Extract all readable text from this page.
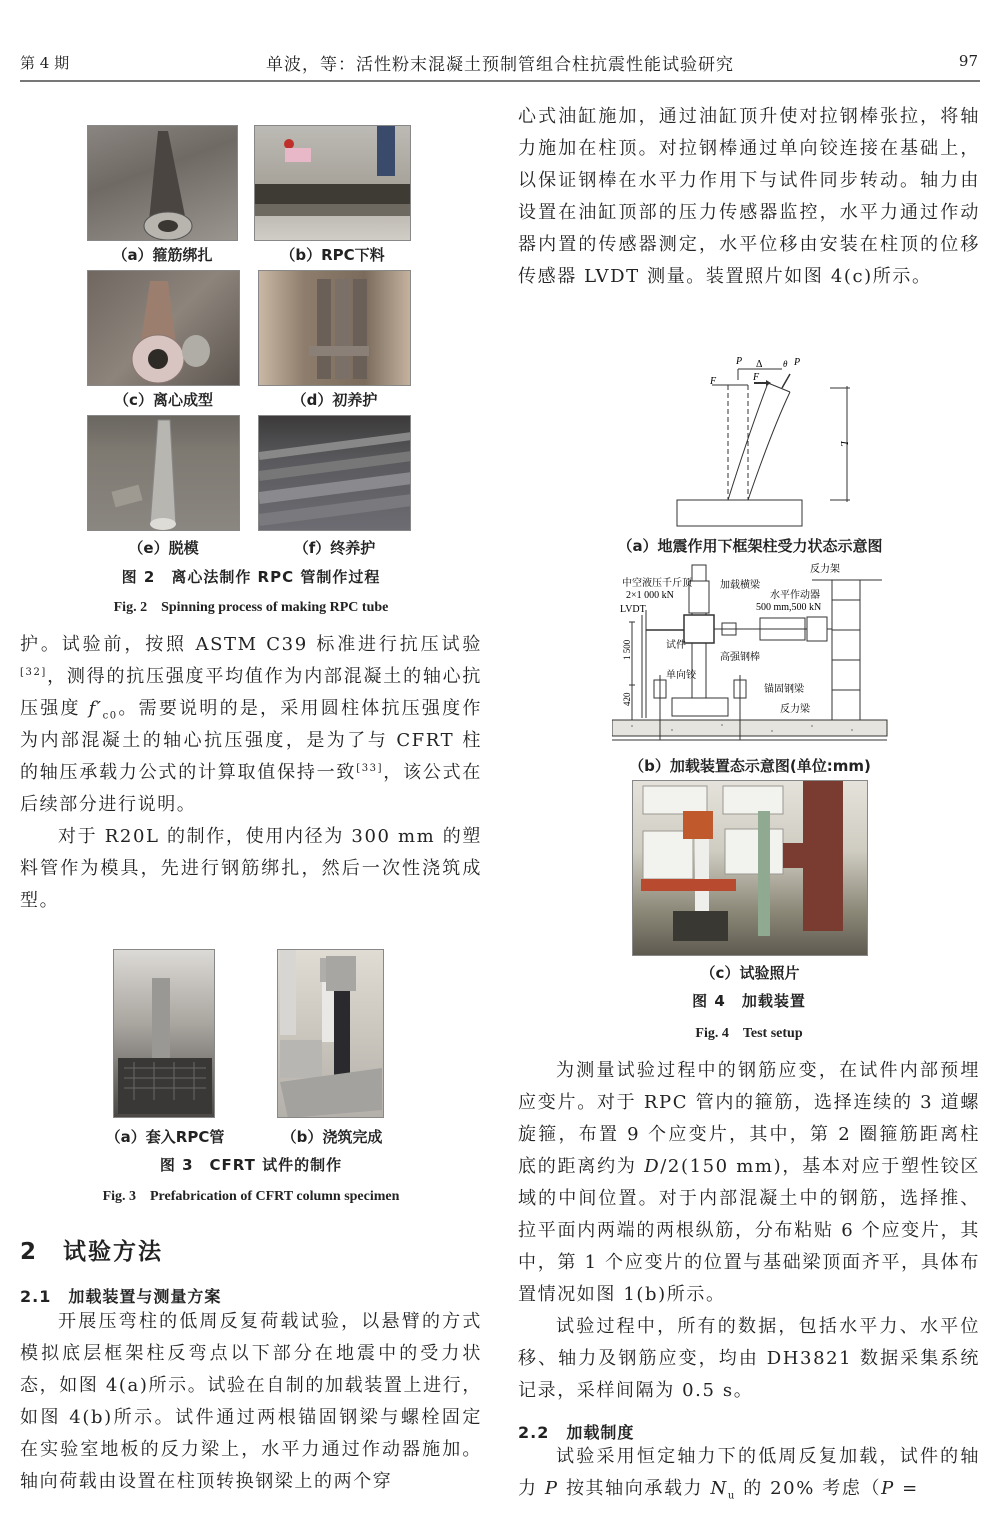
第 4 期	单波，等：活性粉末混凝土预制管组合柱抗震性能试验研究	97
（a）箍筋绑扎	（b）RPC下料
（c）离心成型	（d）初养护
（e）脱模	（f）终养护
图 2　离心法制作 RPC 管制作过程
Fig. 2　Spinning process of making RPC tube

护。试验前，按照 ASTM C39 标准进行抗压试验[32]，测得的抗压强度平均值作为内部混凝土的轴心抗压强度 $f'_{c0}$。需要说明的是，采用圆柱体抗压强度作为内部混凝土的轴心抗压强度，是为了与 CFRT 柱的轴压承载力公式的计算取值保持一致[33]，该公式在后续部分进行说明。

对于 R20L 的制作，使用内径为 300 mm 的塑料管作为模具，先进行钢筋绑扎，然后一次性浇筑成型。

（a）套入RPC管	（b）浇筑完成
图 3　CFRT 试件的制作
Fig. 3　Prefabrication of CFRT column specimen
2　试验方法
2.1　加载装置与测量方案

开展压弯柱的低周反复荷载试验，以悬臂的方式模拟底层框架柱反弯点以下部分在地震中的受力状态，如图 4(a)所示。试验在自制的加载装置上进行，如图 4(b)所示。试件通过两根锚固钢梁与螺栓固定在实验室地板的反力梁上，水平力通过作动器施加。轴向荷载由设置在柱顶转换钢梁上的两个穿

心式油缸施加，通过油缸顶升使对拉钢棒张拉，将轴力施加在柱顶。对拉钢棒通过单向铰连接在基础上，以保证钢棒在水平力作用下与试件同步转动。轴力由设置在油缸顶部的压力传感器监控，水平力通过作动器内置的传感器测定，水平位移由安装在柱顶的位移传感器 LVDT 测量。装置照片如图 4(c)所示。

F
P Δ θ P
F
L
（a）地震作用下框架柱受力状态示意图
中空液压千斤顶
2×1 000 kN
加载横梁
反力架
水平作动器
500 mm,500 kN
LVDT
试件
高强钢棒
单向铰
锚固钢梁
反力梁
1 500
420
（b）加载装置态示意图(单位:mm)
（c）试验照片
图 4　加载装置
Fig. 4　Test setup

为测量试验过程中的钢筋应变，在试件内部预埋应变片。对于 RPC 管内的箍筋，选择连续的 3 道螺旋箍，布置 9 个应变片，其中，第 2 圈箍筋距离柱底的距离约为 D/2(150 mm)，基本对应于塑性铰区域的中间位置。对于内部混凝土中的钢筋，选择推、拉平面内两端的两根纵筋，分布粘贴 6 个应变片，其中，第 1 个应变片的位置与基础梁顶面齐平，具体布置情况如图 1(b)所示。

试验过程中，所有的数据，包括水平力、水平位移、轴力及钢筋应变，均由 DH3821 数据采集系统记录，采样间隔为 0.5 s。

2.2　加载制度

试验采用恒定轴力下的低周反复加载，试件的轴力 P 按其轴向承载力 $N_u$ 的 20% 考虑（P =
